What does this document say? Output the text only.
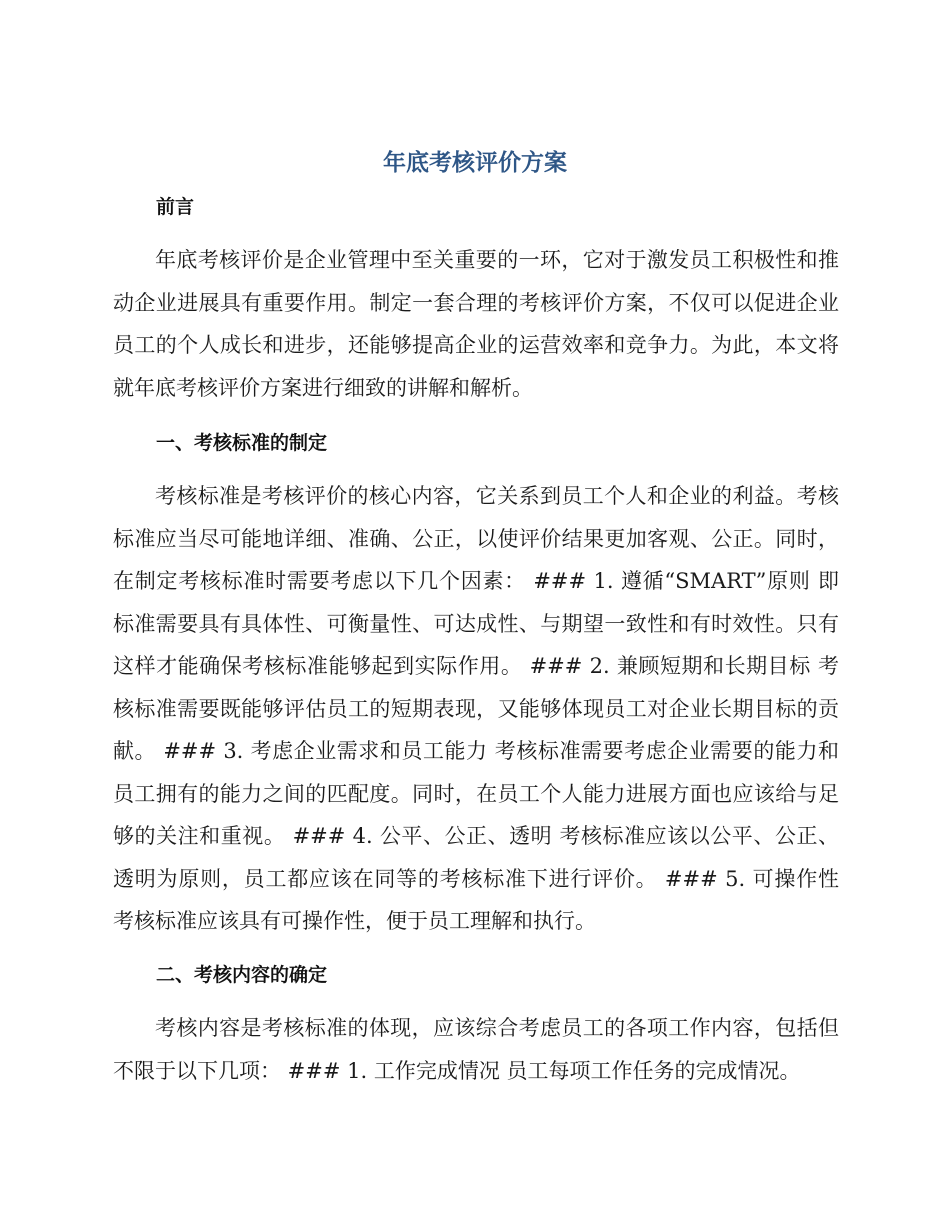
年底考核评价方案
前言

年底考核评价是企业管理中至关重要的一环，它对于激发员工积极性和推动企业进展具有重要作用。制定一套合理的考核评价方案，不仅可以促进企业员工的个人成长和进步，还能够提高企业的运营效率和竞争力。为此，本文将就年底考核评价方案进行细致的讲解和解析。

一、考核标准的制定

考核标准是考核评价的核心内容，它关系到员工个人和企业的利益。考核标准应当尽可能地详细、准确、公正，以使评价结果更加客观、公正。同时，在制定考核标准时需要考虑以下几个因素： ### 1. 遵循“SMART”原则 即标准需要具有具体性、可衡量性、可达成性、与期望一致性和有时效性。只有这样才能确保考核标准能够起到实际作用。 ### 2. 兼顾短期和长期目标 考核标准需要既能够评估员工的短期表现，又能够体现员工对企业长期目标的贡献。 ### 3. 考虑企业需求和员工能力 考核标准需要考虑企业需要的能力和员工拥有的能力之间的匹配度。同时，在员工个人能力进展方面也应该给与足够的关注和重视。 ### 4. 公平、公正、透明 考核标准应该以公平、公正、透明为原则，员工都应该在同等的考核标准下进行评价。 ### 5. 可操作性 考核标准应该具有可操作性，便于员工理解和执行。

二、考核内容的确定

考核内容是考核标准的体现，应该综合考虑员工的各项工作内容，包括但不限于以下几项： ### 1. 工作完成情况 员工每项工作任务的完成情况。
